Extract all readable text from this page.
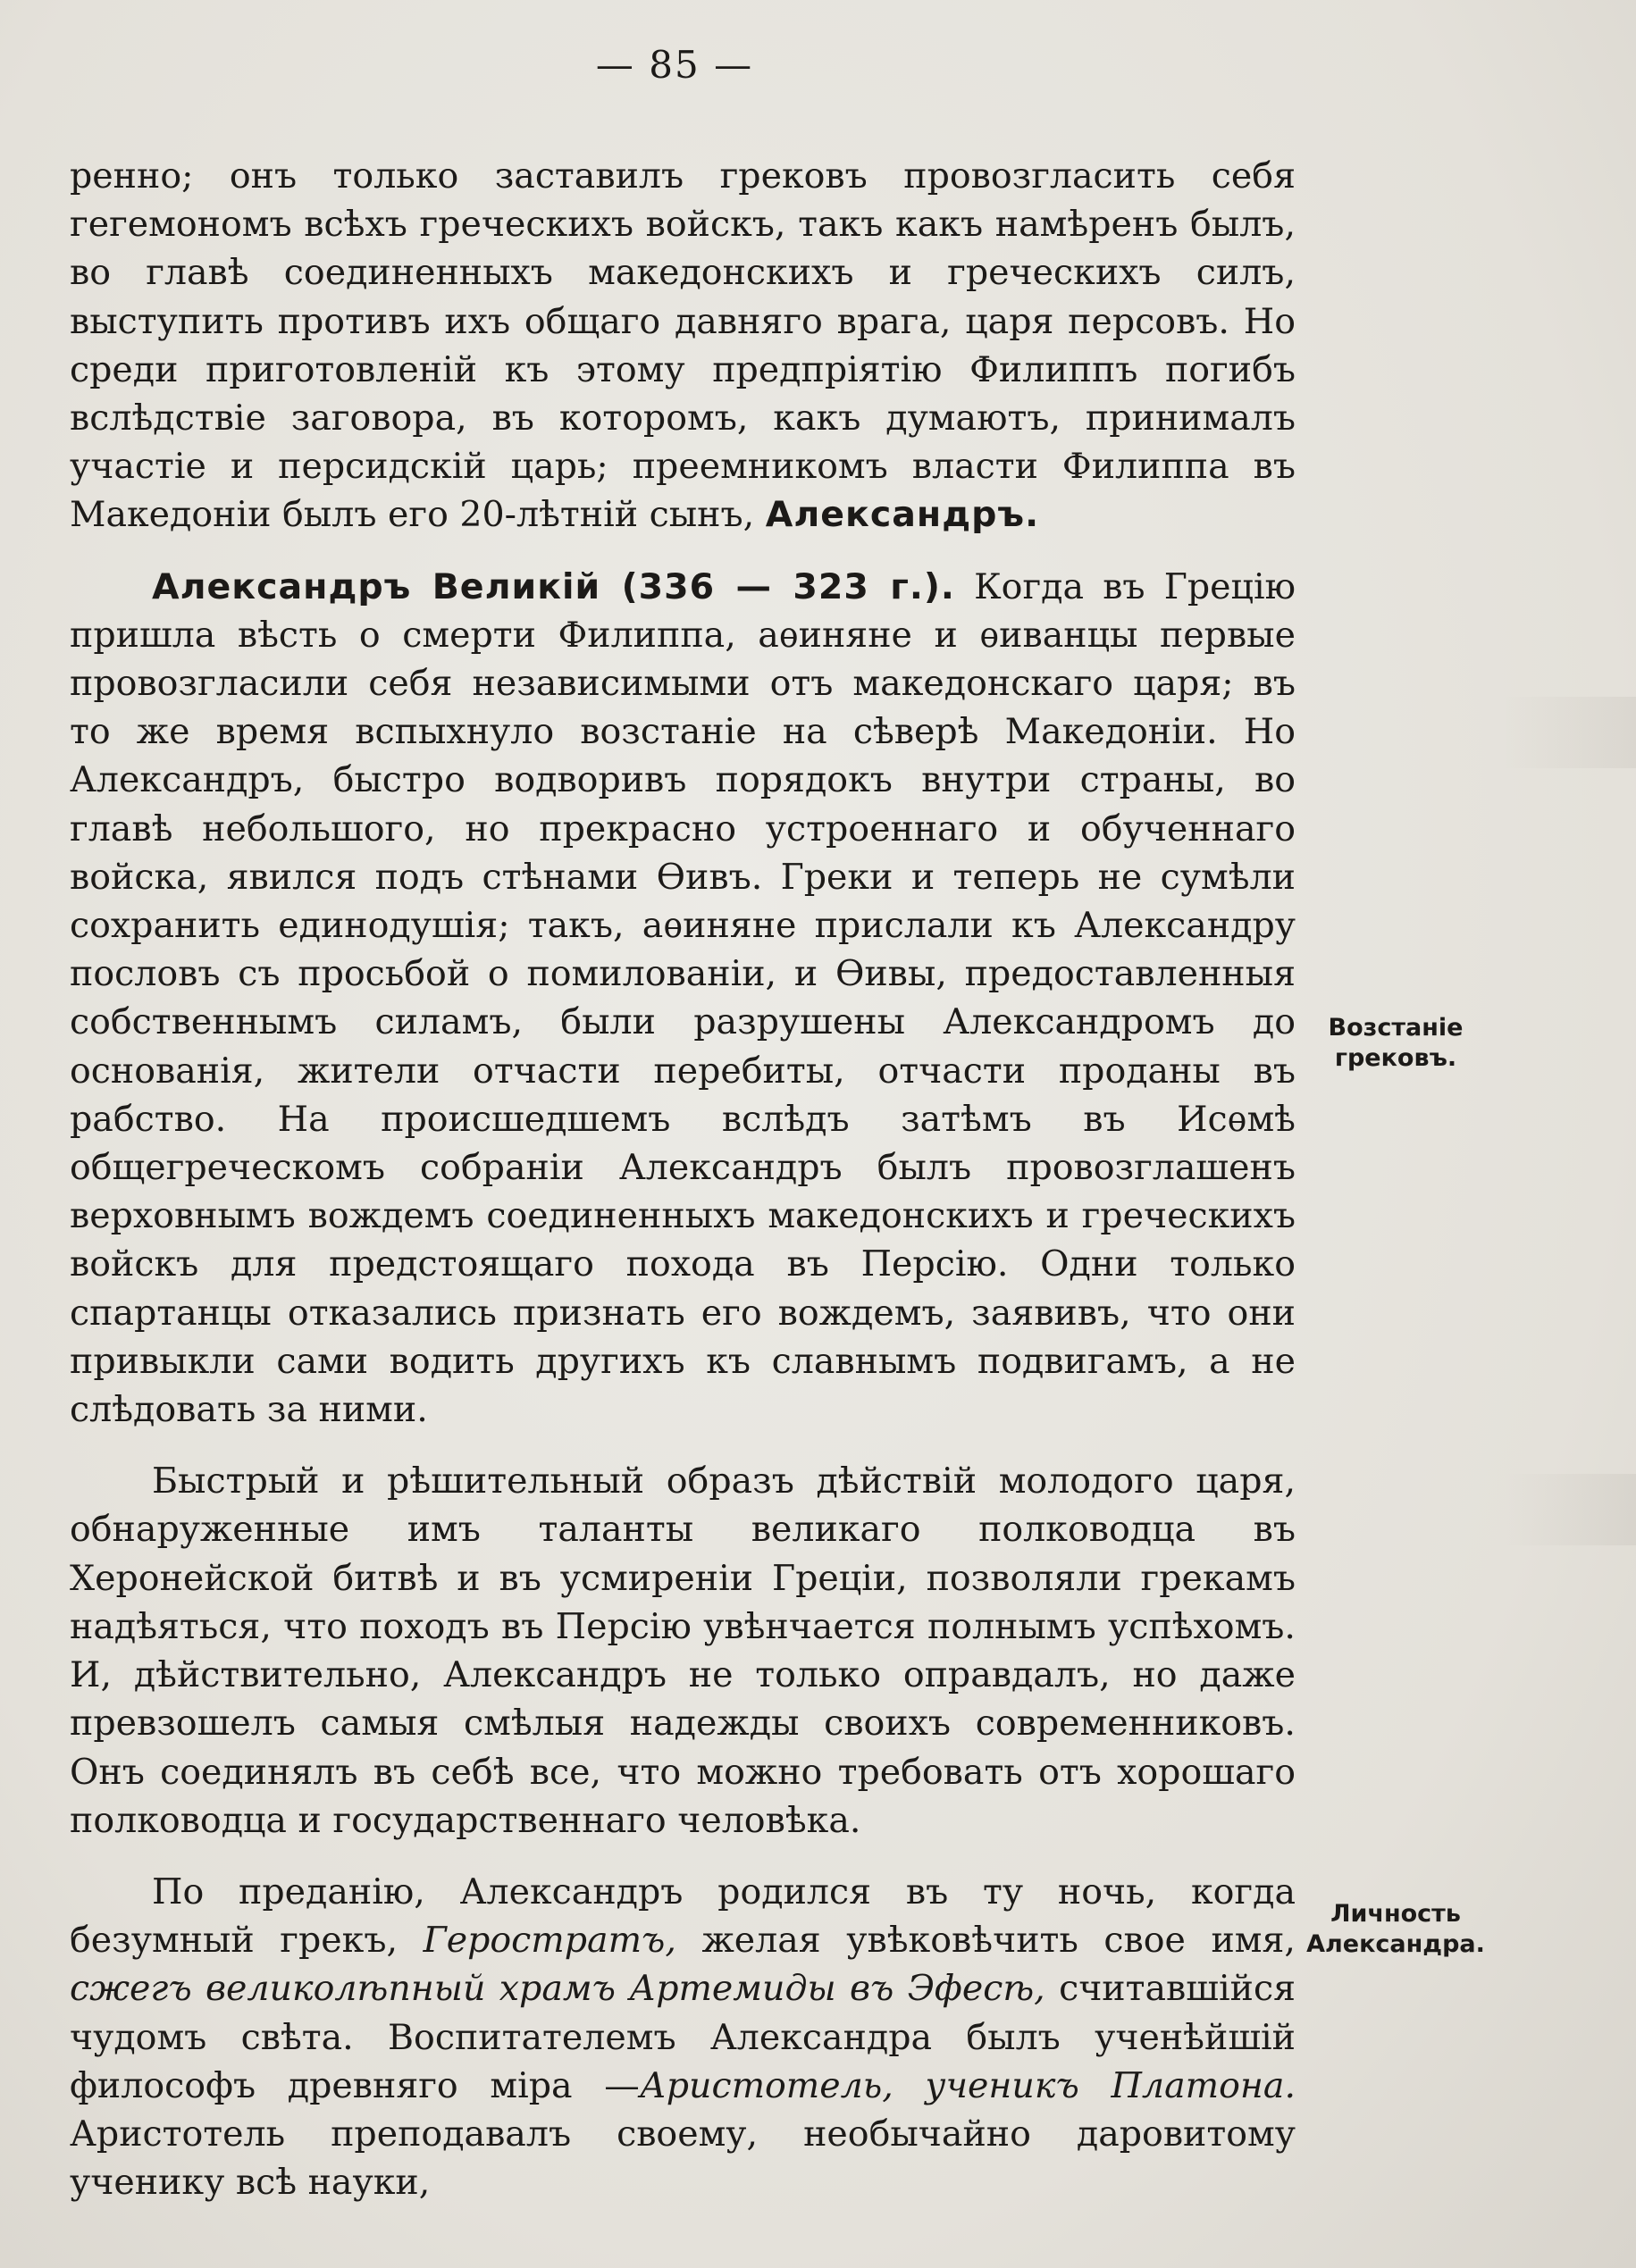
— 85 —

ренно; онъ только заставилъ грековъ провозгласить себя гегемономъ всѣхъ греческихъ войскъ, такъ какъ намѣренъ былъ, во главѣ соединенныхъ македонскихъ и греческихъ силъ, выступить противъ ихъ общаго давняго врага, царя персовъ. Но среди приготовленій къ этому предпріятію Филиппъ погибъ вслѣдствіе заговора, въ которомъ, какъ думаютъ, принималъ участіе и персидскій царь; преемникомъ власти Филиппа въ Македоніи былъ его 20-лѣтній сынъ, Александръ.

Александръ Великій (336 — 323 г.). Когда въ Грецію пришла вѣсть о смерти Филиппа, аѳиняне и ѳиванцы первые провозгласили себя независимыми отъ македонскаго царя; въ то же время вспыхнуло возстаніе на сѣверѣ Македоніи. Но Александръ, быстро водворивъ порядокъ внутри страны, во главѣ небольшого, но прекрасно устроеннаго и обученнаго войска, явился подъ стѣнами Ѳивъ. Греки и теперь не сумѣли сохранить единодушія; такъ, аѳиняне прислали къ Александру пословъ съ просьбой о помилованіи, и Ѳивы, предоставленныя собственнымъ силамъ, были разрушены Александромъ до основанія, жители отчасти перебиты, отчасти проданы въ рабство. На происшедшемъ вслѣдъ затѣмъ въ Исѳмѣ общегреческомъ собраніи Александръ былъ провозглашенъ верховнымъ вождемъ соединенныхъ македонскихъ и греческихъ войскъ для предстоящаго похода въ Персію. Одни только спартанцы отказались признать его вождемъ, заявивъ, что они привыкли сами водить другихъ къ славнымъ подвигамъ, а не слѣдовать за ними.

Быстрый и рѣшительный образъ дѣйствій молодого царя, обнаруженные имъ таланты великаго полководца въ Херонейской битвѣ и въ усмиреніи Греціи, позволяли грекамъ надѣяться, что походъ въ Персію увѣнчается полнымъ успѣхомъ. И, дѣйствительно, Александръ не только оправдалъ, но даже превзошелъ самыя смѣлыя надежды своихъ современниковъ. Онъ соединялъ въ себѣ все, что можно требовать отъ хорошаго полководца и государственнаго человѣка.

По преданію, Александръ родился въ ту ночь, когда безумный грекъ, Геростратъ, желая увѣковѣчить свое имя, сжегъ великолѣпный храмъ Артемиды въ Эфесѣ, считавшійся чудомъ свѣта. Воспитателемъ Александра былъ ученѣйшій философъ древняго міра —Аристотель, ученикъ Платона. Аристотель преподавалъ своему, необычайно даровитому ученику всѣ науки,

Возстаніе грековъ.
Личность Александра.
